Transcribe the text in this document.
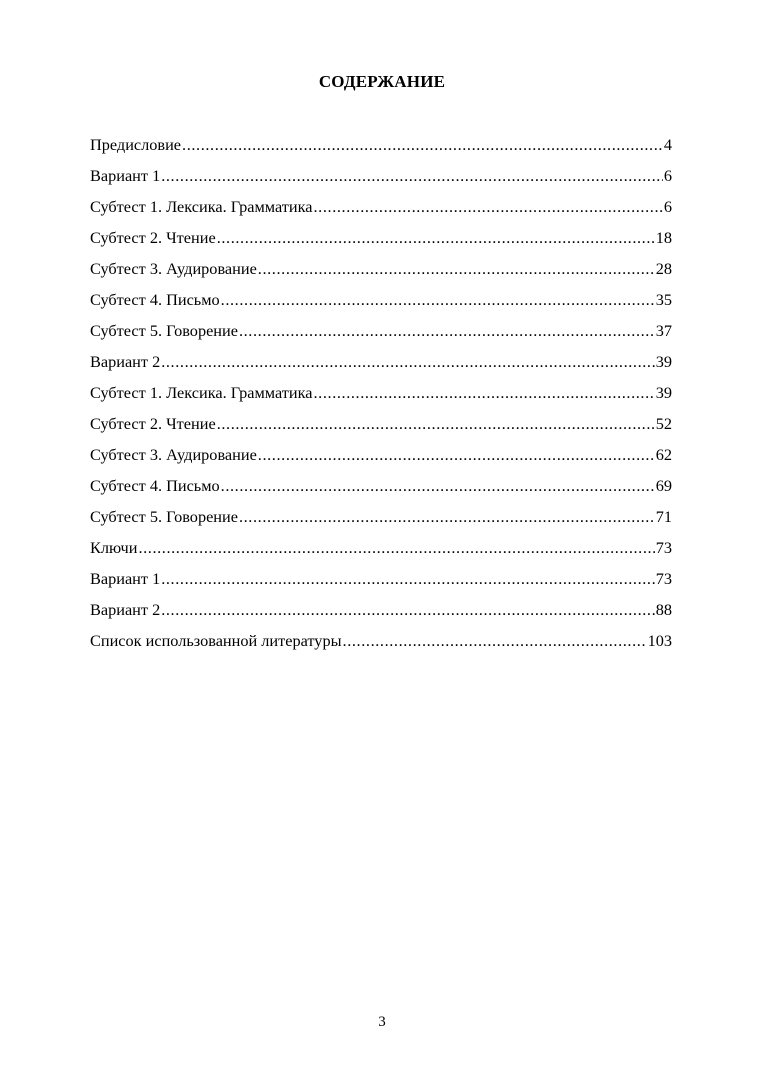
СОДЕРЖАНИЕ
Предисловие .....	4
Вариант 1 .....	6
Субтест 1. Лексика. Грамматика .....	6
Субтест 2. Чтение .....	18
Субтест 3. Аудирование .....	28
Субтест 4. Письмо .....	35
Субтест 5. Говорение .....	37
Вариант 2 .....	39
Субтест 1. Лексика. Грамматика .....	39
Субтест 2. Чтение .....	52
Субтест 3. Аудирование .....	62
Субтест 4. Письмо .....	69
Субтест 5. Говорение .....	71
Ключи .....	73
Вариант 1 .....	73
Вариант 2 .....	88
Список использованной литературы .....	103
3
